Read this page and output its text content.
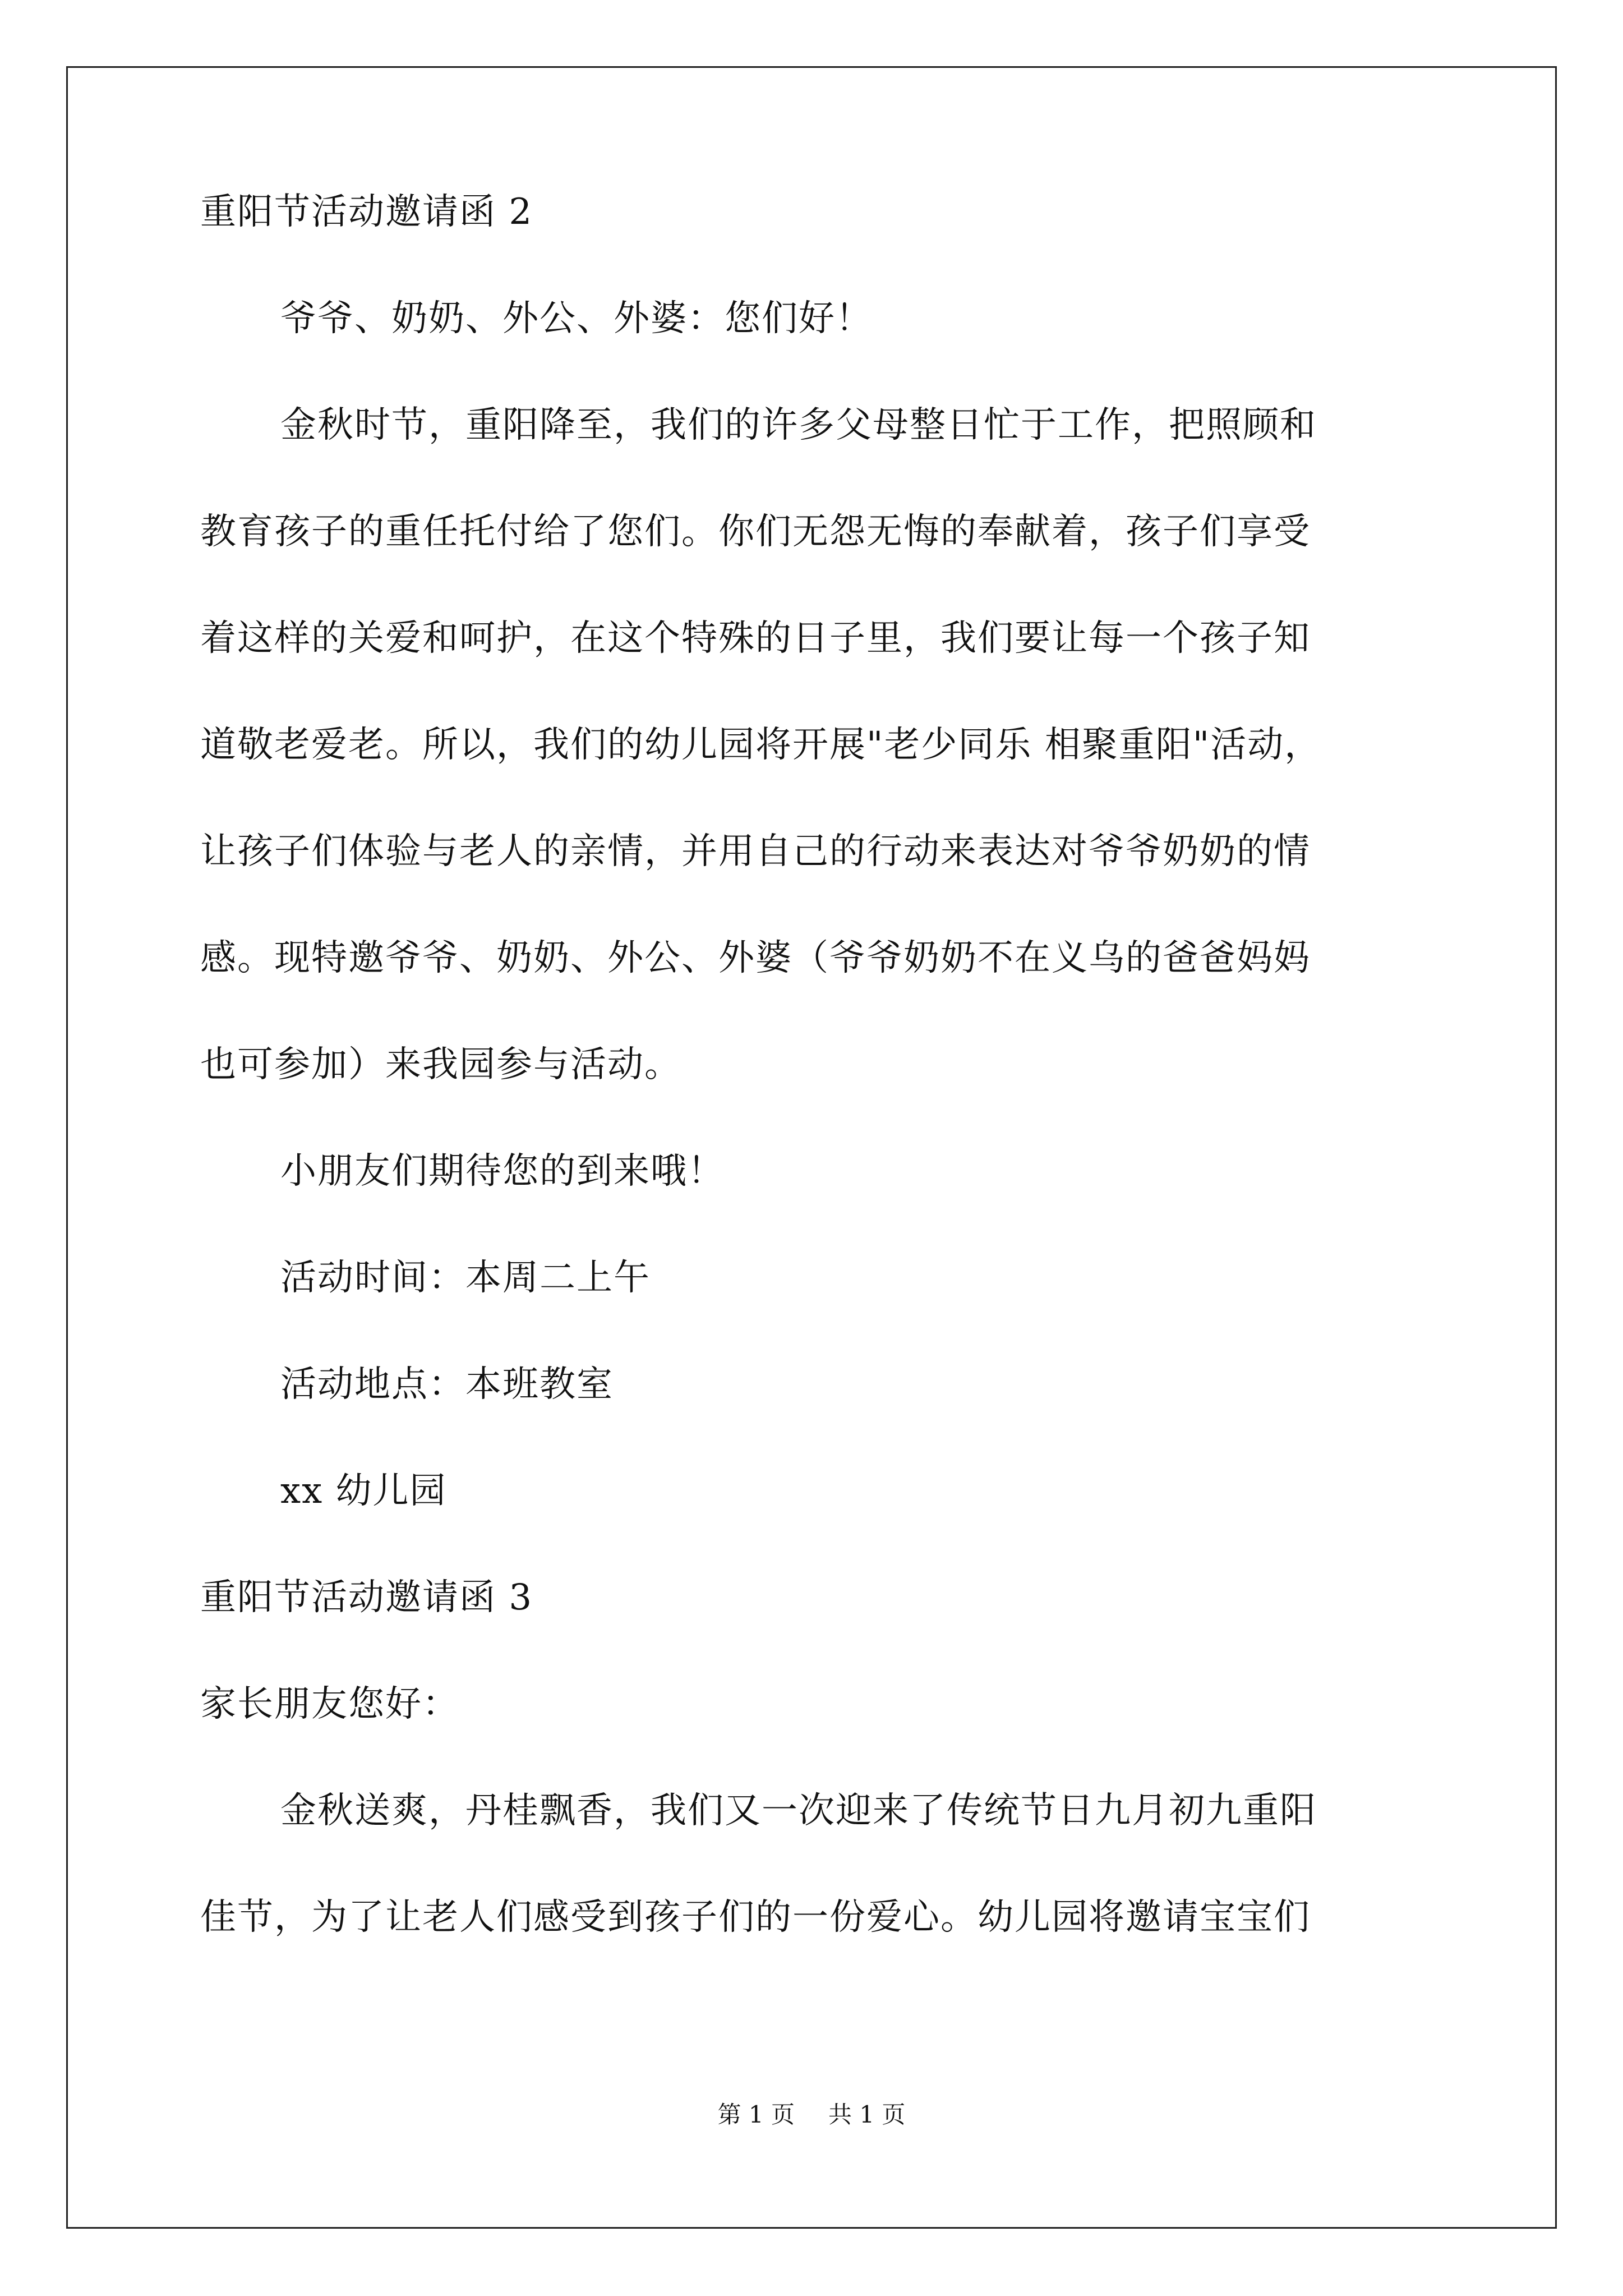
重阳节活动邀请函 2
爷爷、奶奶、外公、外婆：您们好！
金秋时节，重阳降至，我们的许多父母整日忙于工作，把照顾和
教育孩子的重任托付给了您们。你们无怨无悔的奉献着，孩子们享受
着这样的关爱和呵护，在这个特殊的日子里，我们要让每一个孩子知
道敬老爱老。所以，我们的幼儿园将开展"老少同乐 相聚重阳"活动，
让孩子们体验与老人的亲情，并用自己的行动来表达对爷爷奶奶的情
感。现特邀爷爷、奶奶、外公、外婆（爷爷奶奶不在义乌的爸爸妈妈
也可参加）来我园参与活动。
小朋友们期待您的到来哦！
活动时间：本周二上午
活动地点：本班教室
xx 幼儿园
重阳节活动邀请函 3
家长朋友您好：
金秋送爽，丹桂飘香，我们又一次迎来了传统节日九月初九重阳
佳节，为了让老人们感受到孩子们的一份爱心。幼儿园将邀请宝宝们
第 1 页 共 1 页
